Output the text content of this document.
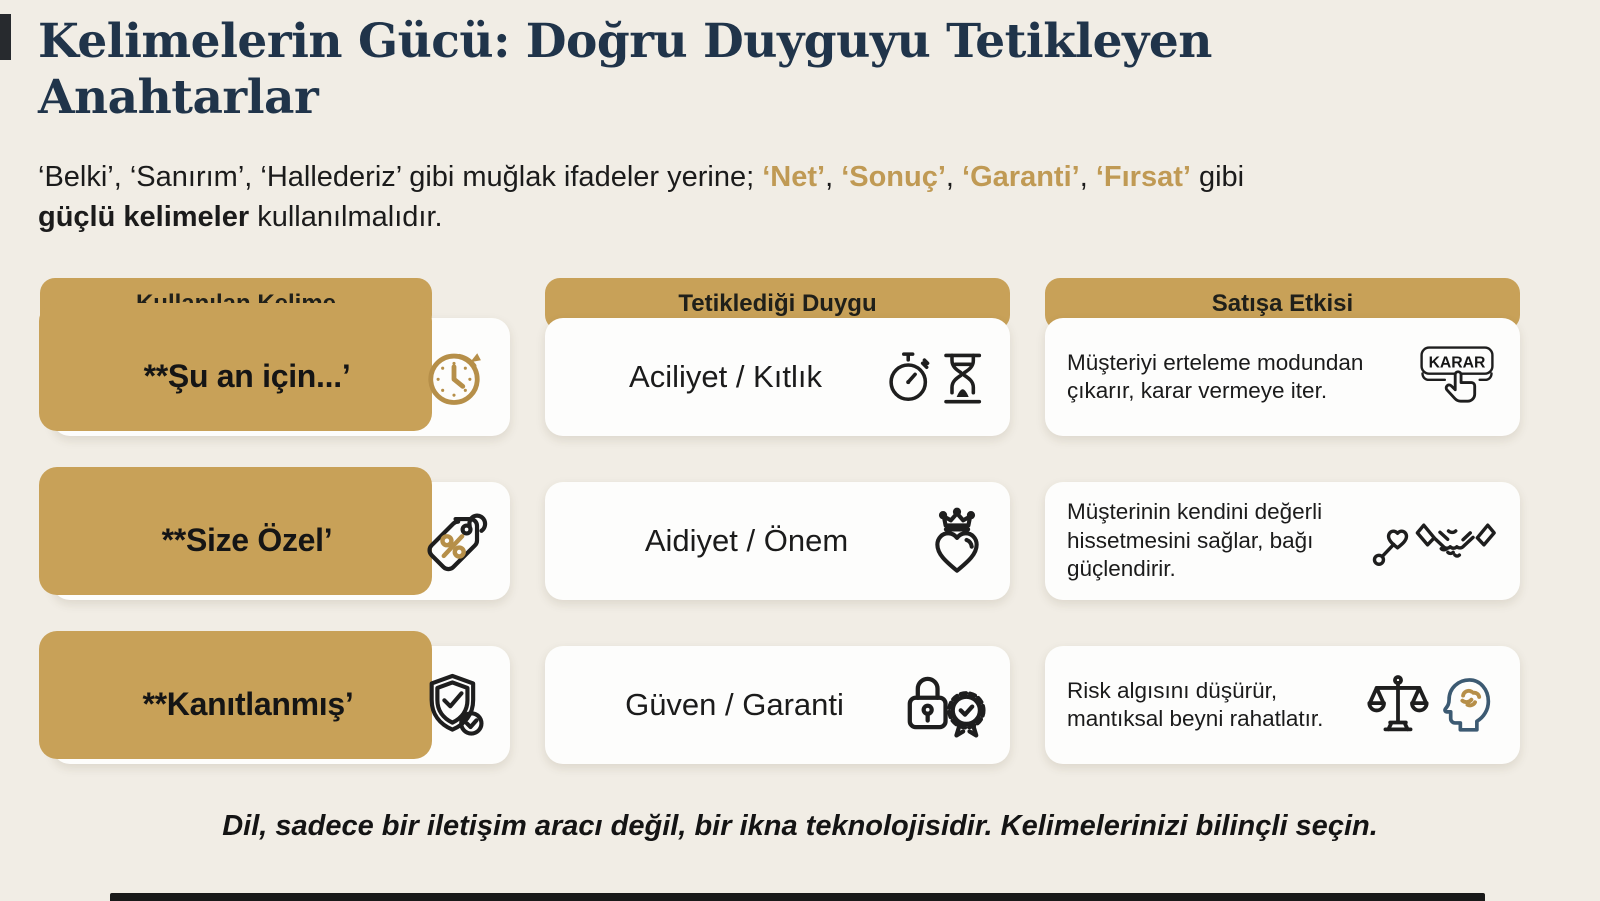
Kelimelerin Gücü: Doğru Duyguyu Tetikleyen
Anahtarlar
‘Belki’, ‘Sanırım’, ‘Hallederiz’ gibi muğlak ifadeler yerine; ‘Net’, ‘Sonuç’, ‘Garanti’, ‘Fırsat’ gibi
güçlü kelimeler kullanılmalıdır.
**Şu an için...’
**Size Özel’
**Kanıtlanmış’
Tetiklediği Duygu
Aciliyet / Kıtlık
Aidiyet / Önem
Güven / Garanti
Satışa Etkisi
Müşteriyi erteleme modundan çıkarır, karar vermeye iter.
KARAR
Müşterinin kendini değerli hissetmesini sağlar, bağı güçlendirir.
Risk algısını düşürür, mantıksal beyni rahatlatır.
Dil, sadece bir iletişim aracı değil, bir ikna teknolojisidir. Kelimelerinizi bilinçli seçin.
